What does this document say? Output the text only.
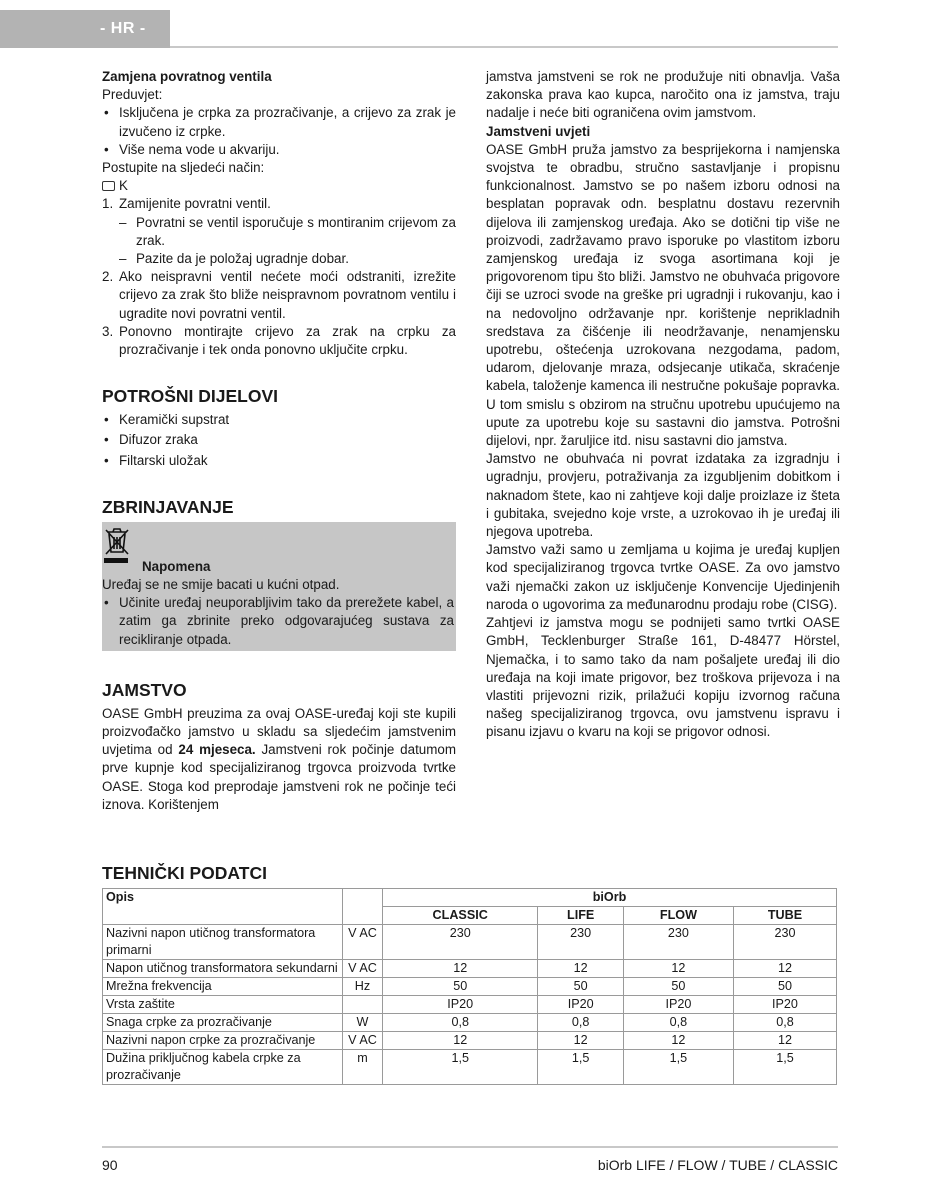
- HR -
Zamjena povratnog ventila
Preduvjet:
• Isključena je crpka za prozračivanje, a crijevo za zrak je izvučeno iz crpke.
• Više nema vode u akvariju.
Postupite na sljedeći način:
K
1. Zamijenite povratni ventil.
– Povratni se ventil isporučuje s montiranim crijevom za zrak.
– Pazite da je položaj ugradnje dobar.
2. Ako neispravni ventil nećete moći odstraniti, izrežite crijevo za zrak što bliže neispravnom povratnom ventilu i ugradite novi povratni ventil.
3. Ponovno montirajte crijevo za zrak na crpku za prozračivanje i tek onda ponovno uključite crpku.
POTROŠNI DIJELOVI
• Keramički supstrat
• Difuzor zraka
• Filtarski uložak
ZBRINJAVANJE
Napomena
Uređaj se ne smije bacati u kućni otpad.
• Učinite uređaj neuporabljivim tako da prerežete kabel, a zatim ga zbrinite preko odgovarajućeg sustava za recikliranje otpada.
JAMSTVO
OASE GmbH preuzima za ovaj OASE-uređaj koji ste kupili proizvođačko jamstvo u skladu sa sljedećim jamstvenim uvjetima od 24 mjeseca. Jamstveni rok počinje datumom prve kupnje kod specijaliziranog trgovca proizvoda tvrtke OASE. Stoga kod preprodaje jamstveni rok ne počinje teći iznova. Korištenjem
jamstva jamstveni se rok ne produžuje niti obnavlja. Vaša zakonska prava kao kupca, naročito ona iz jamstva, traju nadalje i neće biti ograničena ovim jamstvom.
Jamstveni uvjeti
OASE GmbH pruža jamstvo za besprijekorna i namjenska svojstva te obradbu, stručno sastavljanje i propisnu funkcionalnost. Jamstvo se po našem izboru odnosi na besplatan popravak odn. besplatnu dostavu rezervnih dijelova ili zamjenskog uređaja. Ako se dotični tip više ne proizvodi, zadržavamo pravo isporuke po vlastitom izboru zamjenskog uređaja iz svoga asortimana koji je prigovorenom tipu što bliži. Jamstvo ne obuhvaća prigovore čiji se uzroci svode na greške pri ugradnji i rukovanju, kao i na nedovoljno održavanje npr. korištenje neprikladnih sredstava za čišćenje ili neodržavanje, nenamjensku upotrebu, oštećenja uzrokovana nezgodama, padom, udarom, djelovanje mraza, odsjecanje utikača, skraćenje kabela, taloženje kamenca ili nestručne pokušaje popravka. U tom smislu s obzirom na stručnu upotrebu upućujemo na upute za upotrebu koje su sastavni dio jamstva. Potrošni dijelovi, npr. žaruljice itd. nisu sastavni dio jamstva.
Jamstvo ne obuhvaća ni povrat izdataka za izgradnju i ugradnju, provjeru, potraživanja za izgubljenim dobitkom i naknadom štete, kao ni zahtjeve koji dalje proizlaze iz šteta i gubitaka, svejedno koje vrste, a uzrokovao ih je uređaj ili njegova upotreba.
Jamstvo važi samo u zemljama u kojima je uređaj kupljen kod specijaliziranog trgovca tvrtke OASE. Za ovo jamstvo važi njemački zakon uz isključenje Konvencije Ujedinjenih naroda o ugovorima za međunarodnu prodaju robe (CISG).
Zahtjevi iz jamstva mogu se podnijeti samo tvrtki OASE GmbH, Tecklenburger Straße 161, D-48477 Hörstel, Njemačka, i to samo tako da nam pošaljete uređaj ili dio uređaja na koji imate prigovor, bez troškova prijevoza i na vlastiti prijevozni rizik, prilažući kopiju izvornog računa našeg specijaliziranog trgovca, ovu jamstvenu ispravu i pisanu izjavu o kvaru na koji se prigovor odnosi.
TEHNIČKI PODATCI
Opis		biOrb			
		CLASSIC	LIFE	FLOW	TUBE
Nazivni napon utičnog transformatora primarni	V AC	230	230	230	230
Napon utičnog transformatora sekundarni	V AC	12	12	12	12
Mrežna frekvencija	Hz	50	50	50	50
Vrsta zaštite		IP20	IP20	IP20	IP20
Snaga crpke za prozračivanje	W	0,8	0,8	0,8	0,8
Nazivni napon crpke za prozračivanje	V AC	12	12	12	12
Dužina priključnog kabela crpke za prozračivanje	m	1,5	1,5	1,5	1,5
90	biOrb LIFE / FLOW / TUBE / CLASSIC
